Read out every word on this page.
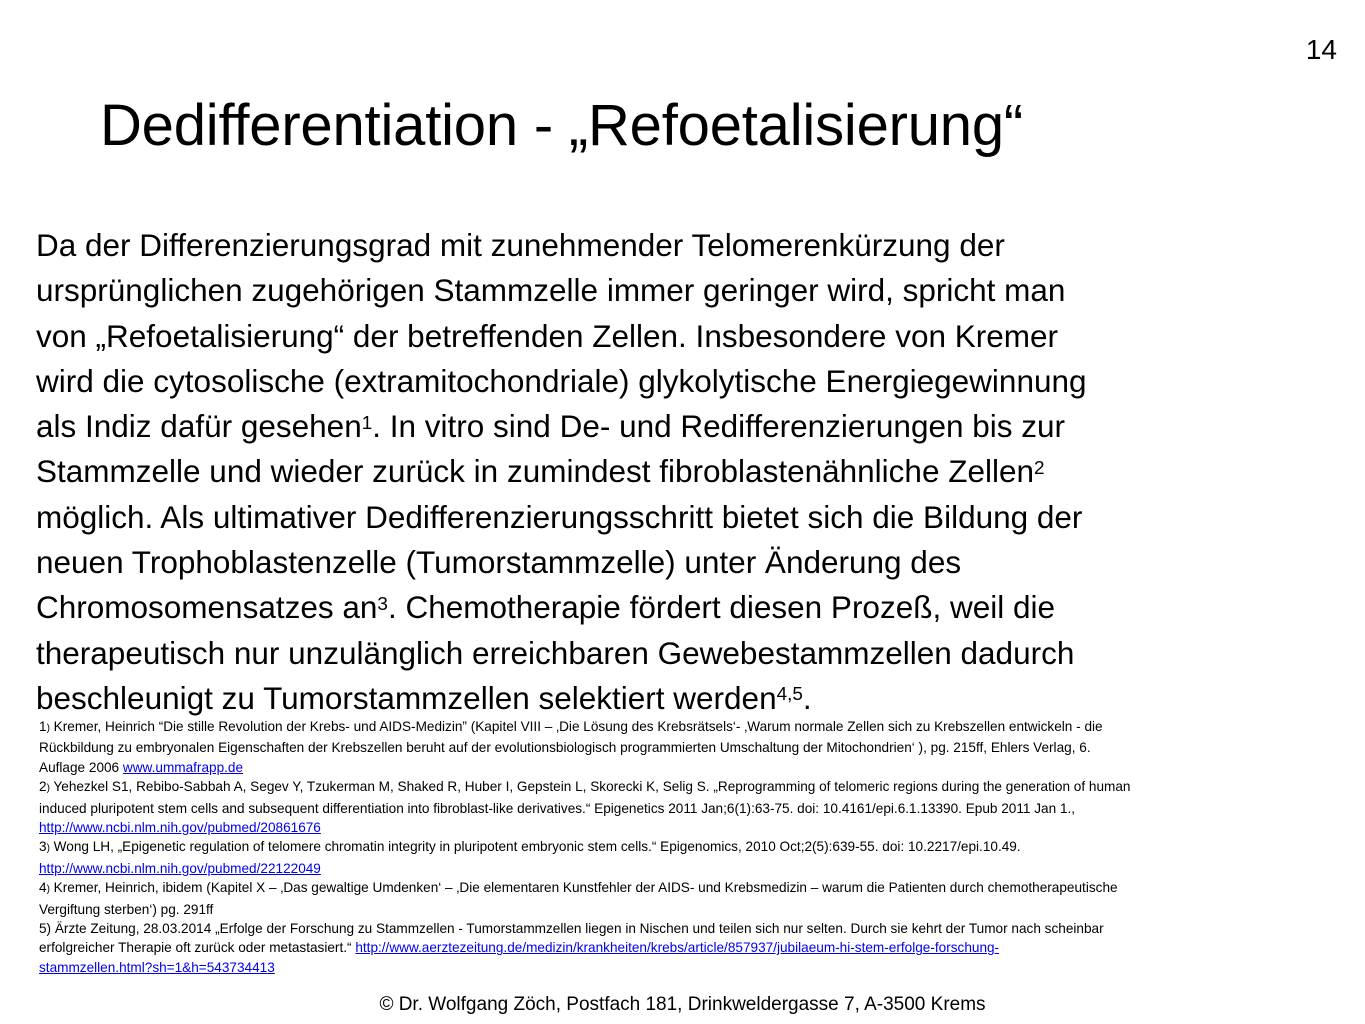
14
Dedifferentiation - „Refoetalisierung“
Da der Differenzierungsgrad mit zunehmender Telomerenkürzung der
ursprünglichen zugehörigen Stammzelle immer geringer wird, spricht man
von „Refoetalisierung“ der betreffenden Zellen. Insbesondere von Kremer
wird die cytosolische (extramitochondriale) glykolytische Energiegewinnung
als Indiz dafür gesehen$^1$. In vitro sind De- und Redifferenzierungen bis zur
Stammzelle und wieder zurück in zumindest fibroblastenähnliche Zellen$^2$
möglich. Als ultimativer Dedifferenzierungsschritt bietet sich die Bildung der
neuen Trophoblastenzelle (Tumorstammzelle) unter Änderung des
Chromosomensatzes $an^3$. Chemotherapie fördert diesen Prozeß, weil die
therapeutisch nur unzulänglich erreichbaren Gewebestammzellen dadurch
beschleunigt zu Tumorstammzellen selektiert werden$^{4,5}$.
1) Kremer, Heinrich “Die stille Revolution der Krebs- und AIDS-Medizin” (Kapitel VIII – ‚Die Lösung des Krebsrätsels‘- ‚Warum normale Zellen sich zu Krebszellen entwickeln - die
Rückbildung zu embryonalen Eigenschaften der Krebszellen beruht auf der evolutionsbiologisch programmierten Umschaltung der Mitochondrien‘ ), pg. 215ff, Ehlers Verlag, 6.
Auflage 2006 www.ummafrapp.de
2) Yehezkel S1, Rebibo-Sabbah A, Segev Y, Tzukerman M, Shaked R, Huber I, Gepstein L, Skorecki K, Selig S. „Reprogramming of telomeric regions during the generation of human
induced pluripotent stem cells and subsequent differentiation into fibroblast-like derivatives.“ Epigenetics 2011 Jan;6(1):63-75. doi: 10.4161/epi.6.1.13390. Epub 2011 Jan 1.,
http://www.ncbi.nlm.nih.gov/pubmed/20861676
3) Wong LH, „Epigenetic regulation of telomere chromatin integrity in pluripotent embryonic stem cells.“ Epigenomics, 2010 Oct;2(5):639-55. doi: 10.2217/epi.10.49.
http://www.ncbi.nlm.nih.gov/pubmed/22122049
4) Kremer, Heinrich, ibidem (Kapitel X – ‚Das gewaltige Umdenken‘ – ‚Die elementaren Kunstfehler der AIDS- und Krebsmedizin – warum die Patienten durch chemotherapeutische
Vergiftung sterben‘) pg. 291ff
5) Ärzte Zeitung, 28.03.2014 „Erfolge der Forschung zu Stammzellen - Tumorstammzellen liegen in Nischen und teilen sich nur selten. Durch sie kehrt der Tumor nach scheinbar
erfolgreicher Therapie oft zurück oder metastasiert.“ http://www.aerztezeitung.de/medizin/krankheiten/krebs/article/857937/jubilaeum-hi-stem-erfolge-forschung-
stammzellen.html?sh=1&h=543734413
© Dr. Wolfgang Zöch, Postfach 181, Drinkweldergasse 7, A-3500 Krems
